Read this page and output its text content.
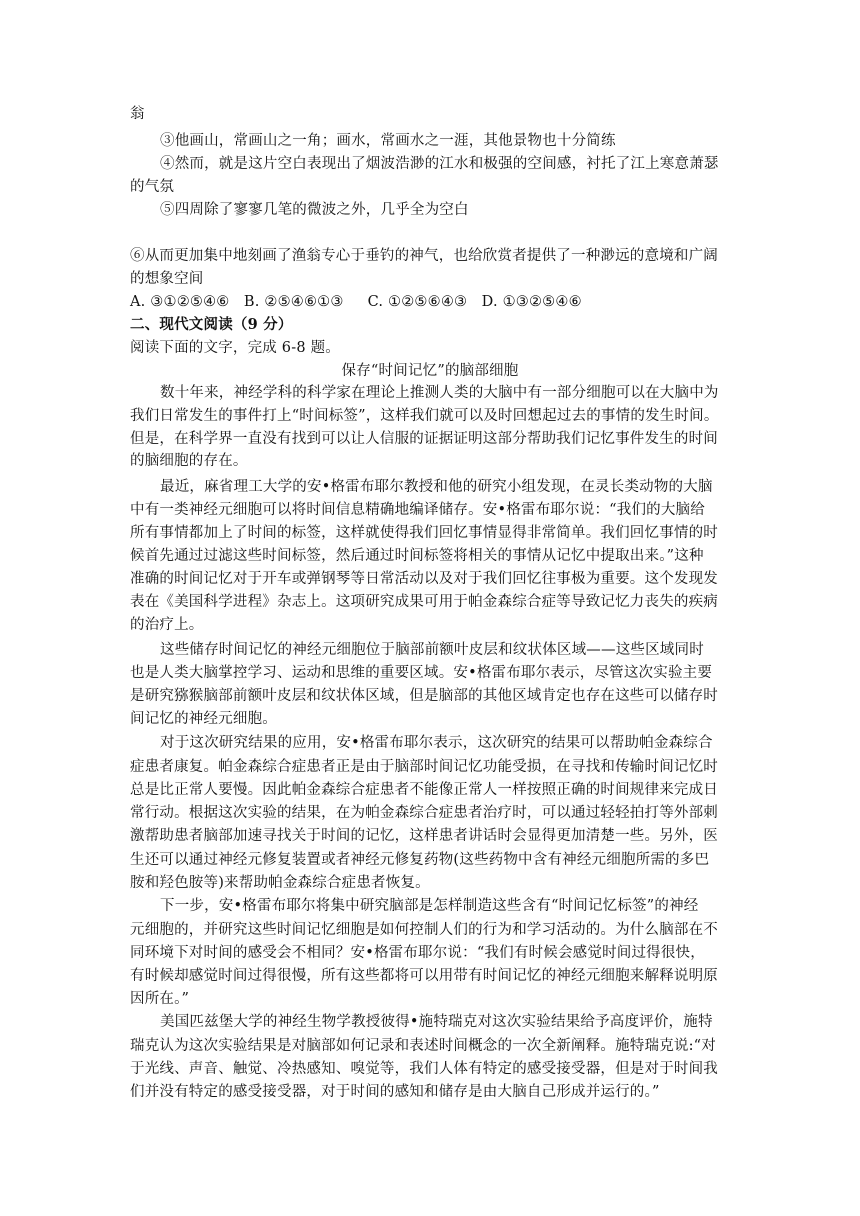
翁
③他画山，常画山之一角；画水，常画水之一涯，其他景物也十分简练
④然而，就是这片空白表现出了烟波浩渺的江水和极强的空间感，衬托了江上寒意萧瑟
的气氛
⑤四周除了寥寥几笔的微波之外，几乎全为空白
⑥从而更加集中地刻画了渔翁专心于垂钓的神气，也给欣赏者提供了一种渺远的意境和广阔
的想象空间
A. ③①②⑤④⑥   B. ②⑤④⑥①③     C. ①②⑤⑥④③   D. ①③②⑤④⑥
二、现代文阅读（9 分）
阅读下面的文字，完成 6-8 题。
保存“时间记忆”的脑部细胞
数十年来，神经学科的科学家在理论上推测人类的大脑中有一部分细胞可以在大脑中为
我们日常发生的事件打上“时间标签”，这样我们就可以及时回想起过去的事情的发生时间。
但是，在科学界一直没有找到可以让人信服的证据证明这部分帮助我们记忆事件发生的时间
的脑细胞的存在。
最近，麻省理工大学的安•格雷布耶尔教授和他的研究小组发现，在灵长类动物的大脑
中有一类神经元细胞可以将时间信息精确地编译储存。安•格雷布耶尔说：“我们的大脑给
所有事情都加上了时间的标签，这样就使得我们回忆事情显得非常简单。我们回忆事情的时
候首先通过过滤这些时间标签，然后通过时间标签将相关的事情从记忆中提取出来。”这种
准确的时间记忆对于开车或弹钢琴等日常活动以及对于我们回忆往事极为重要。这个发现发
表在《美国科学进程》杂志上。这项研究成果可用于帕金森综合症等导致记忆力丧失的疾病
的治疗上。
这些储存时间记忆的神经元细胞位于脑部前额叶皮层和纹状体区域——这些区域同时
也是人类大脑掌控学习、运动和思维的重要区域。安•格雷布耶尔表示，尽管这次实验主要
是研究猕猴脑部前额叶皮层和纹状体区域，但是脑部的其他区域肯定也存在这些可以储存时
间记忆的神经元细胞。
对于这次研究结果的应用，安•格雷布耶尔表示，这次研究的结果可以帮助帕金森综合
症患者康复。帕金森综合症患者正是由于脑部时间记忆功能受损，在寻找和传输时间记忆时
总是比正常人要慢。因此帕金森综合症患者不能像正常人一样按照正确的时间规律来完成日
常行动。根据这次实验的结果，在为帕金森综合症患者治疗时，可以通过轻轻拍打等外部刺
激帮助患者脑部加速寻找关于时间的记忆，这样患者讲话时会显得更加清楚一些。另外，医
生还可以通过神经元修复装置或者神经元修复药物(这些药物中含有神经元细胞所需的多巴
胺和羟色胺等)来帮助帕金森综合症患者恢复。
下一步，安•格雷布耶尔将集中研究脑部是怎样制造这些含有“时间记忆标签”的神经
元细胞的，并研究这些时间记忆细胞是如何控制人们的行为和学习活动的。为什么脑部在不
同环境下对时间的感受会不相同？安•格雷布耶尔说：“我们有时候会感觉时间过得很快，
有时候却感觉时间过得很慢，所有这些都将可以用带有时间记忆的神经元细胞来解释说明原
因所在。”
美国匹兹堡大学的神经生物学教授彼得•施特瑞克对这次实验结果给予高度评价，施特
瑞克认为这次实验结果是对脑部如何记录和表述时间概念的一次全新阐释。施特瑞克说:“对
于光线、声音、触觉、冷热感知、嗅觉等，我们人体有特定的感受接受器，但是对于时间我
们并没有特定的感受接受器，对于时间的感知和储存是由大脑自己形成并运行的。”
